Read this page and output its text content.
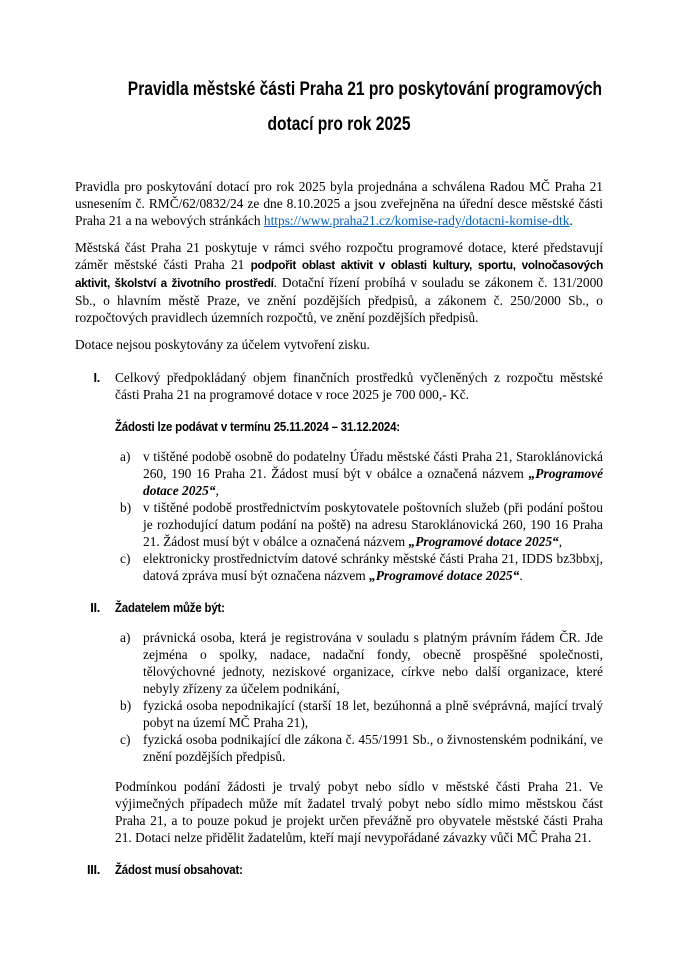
Pravidla městské části Praha 21 pro poskytování programových
dotací pro rok 2025

Pravidla pro poskytování dotací pro rok 2025 byla projednána a schválena Radou MČ Praha 21 usnesením č. RMČ/62/0832/24 ze dne 8.10.2025 a jsou zveřejněna na úřední desce městské části Praha 21 a na webových stránkách https://www.praha21.cz/komise-rady/dotacni-komise-dtk.

Městská část Praha 21 poskytuje v rámci svého rozpočtu programové dotace, které představují záměr městské části Praha 21 podpořit oblast aktivit v oblasti kultury, sportu, volnočasových aktivit, školství a životního prostředí. Dotační řízení probíhá v souladu se zákonem č. 131/2000 Sb., o hlavním městě Praze, ve znění pozdějších předpisů, a zákonem č. 250/2000 Sb., o rozpočtových pravidlech územních rozpočtů, ve znění pozdějších předpisů.

Dotace nejsou poskytovány za účelem vytvoření zisku.

I.	Celkový předpokládaný objem finančních prostředků vyčleněných z rozpočtu městské části Praha 21 na programové dotace v roce 2025 je 700 000,- Kč.
Žádosti lze podávat v termínu 25.11.2024 – 31.12.2024:
a) v tištěné podobě osobně do podatelny Úřadu městské části Praha 21, Staroklánovická 260, 190 16 Praha 21. Žádost musí být v obálce a označená názvem „Programové dotace 2025“,
b) v tištěné podobě prostřednictvím poskytovatele poštovních služeb (při podání poštou je rozhodující datum podání na poště) na adresu Staroklánovická 260, 190 16 Praha 21. Žádost musí být v obálce a označená názvem „Programové dotace 2025“,
c) elektronicky prostřednictvím datové schránky městské části Praha 21, IDDS bz3bbxj, datová zpráva musí být označena názvem „Programové dotace 2025“.
II.	Žadatelem může být:
a) právnická osoba, která je registrována v souladu s platným právním řádem ČR. Jde zejména o spolky, nadace, nadační fondy, obecně prospěšné společnosti, tělovýchovné jednoty, neziskové organizace, církve nebo další organizace, které nebyly zřízeny za účelem podnikání,
b) fyzická osoba nepodnikající (starší 18 let, bezúhonná a plně svéprávná, mající trvalý pobyt na území MČ Praha 21),
c) fyzická osoba podnikající dle zákona č. 455/1991 Sb., o živnostenském podnikání, ve znění pozdějších předpisů.

Podmínkou podání žádosti je trvalý pobyt nebo sídlo v městské části Praha 21. Ve výjimečných případech může mít žadatel trvalý pobyt nebo sídlo mimo městskou část Praha 21, a to pouze pokud je projekt určen převážně pro obyvatele městské části Praha 21. Dotaci nelze přidělit žadatelům, kteří mají nevypořádané závazky vůči MČ Praha 21.

III.	Žádost musí obsahovat:
